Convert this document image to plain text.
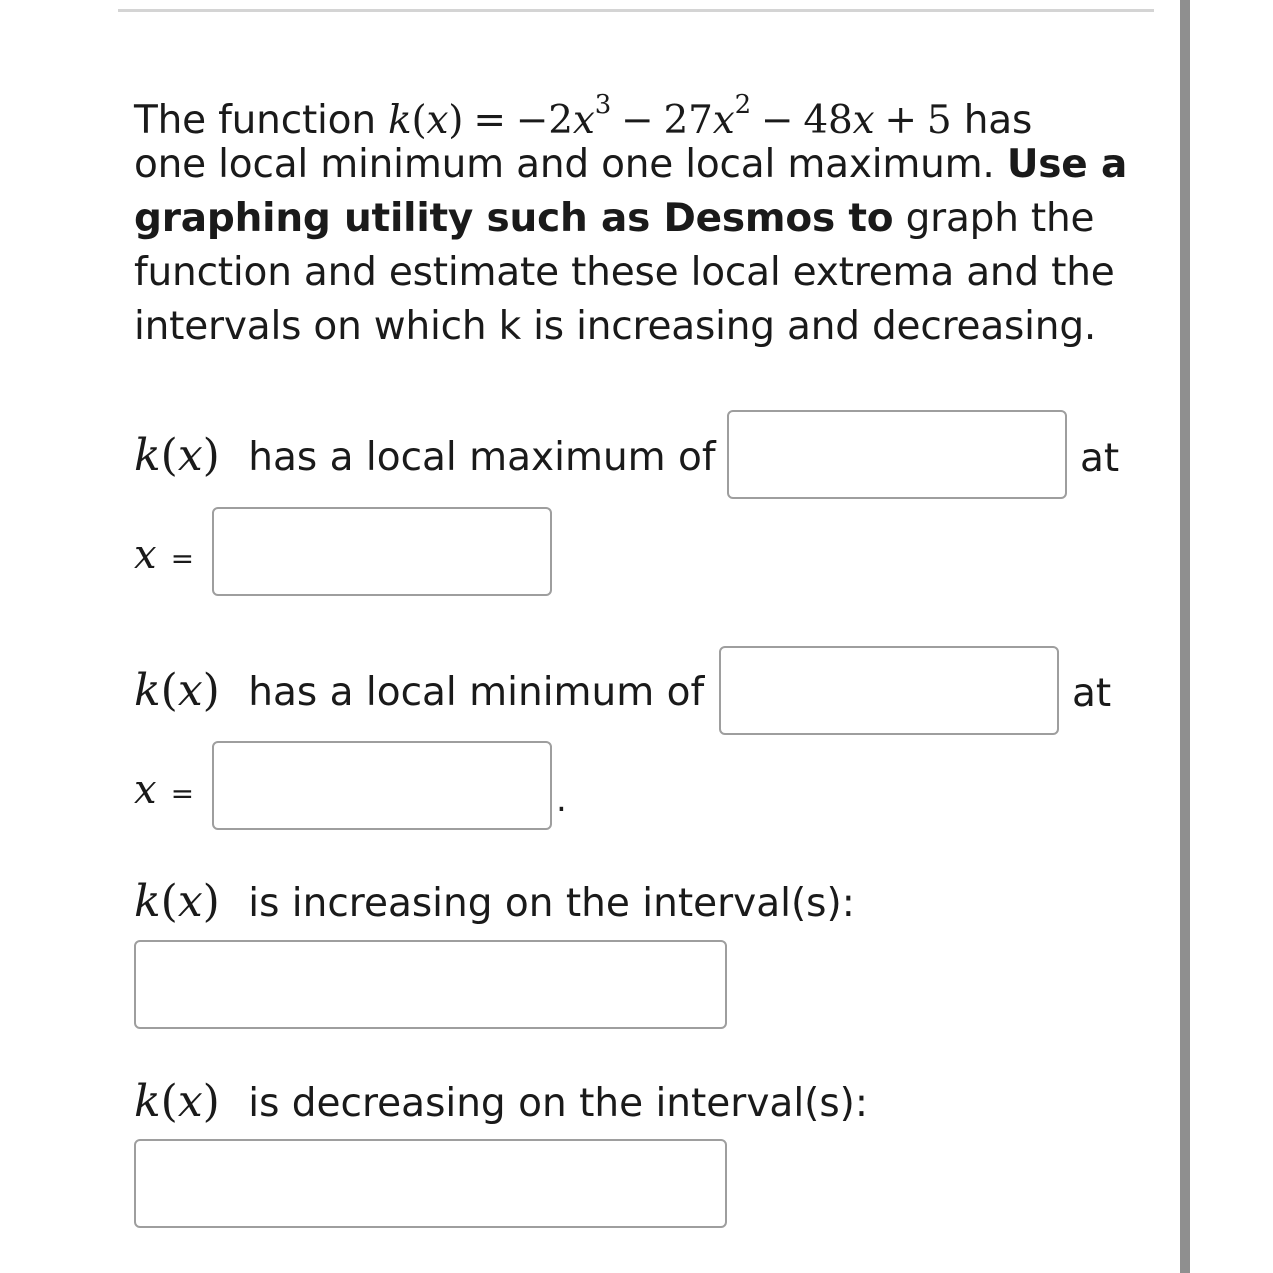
The function $k(x) = -2x^3 - 27x^2 - 48x + 5$ has
one local minimum and one local maximum. Use a
graphing utility such as Desmos to graph the
function and estimate these local extrema and the
intervals on which k is increasing and decreasing.
k(x) has a local maximum of	at
x =
k(x) has a local minimum of	at
x =	.
k(x) is increasing on the interval(s):
k(x) is decreasing on the interval(s):
